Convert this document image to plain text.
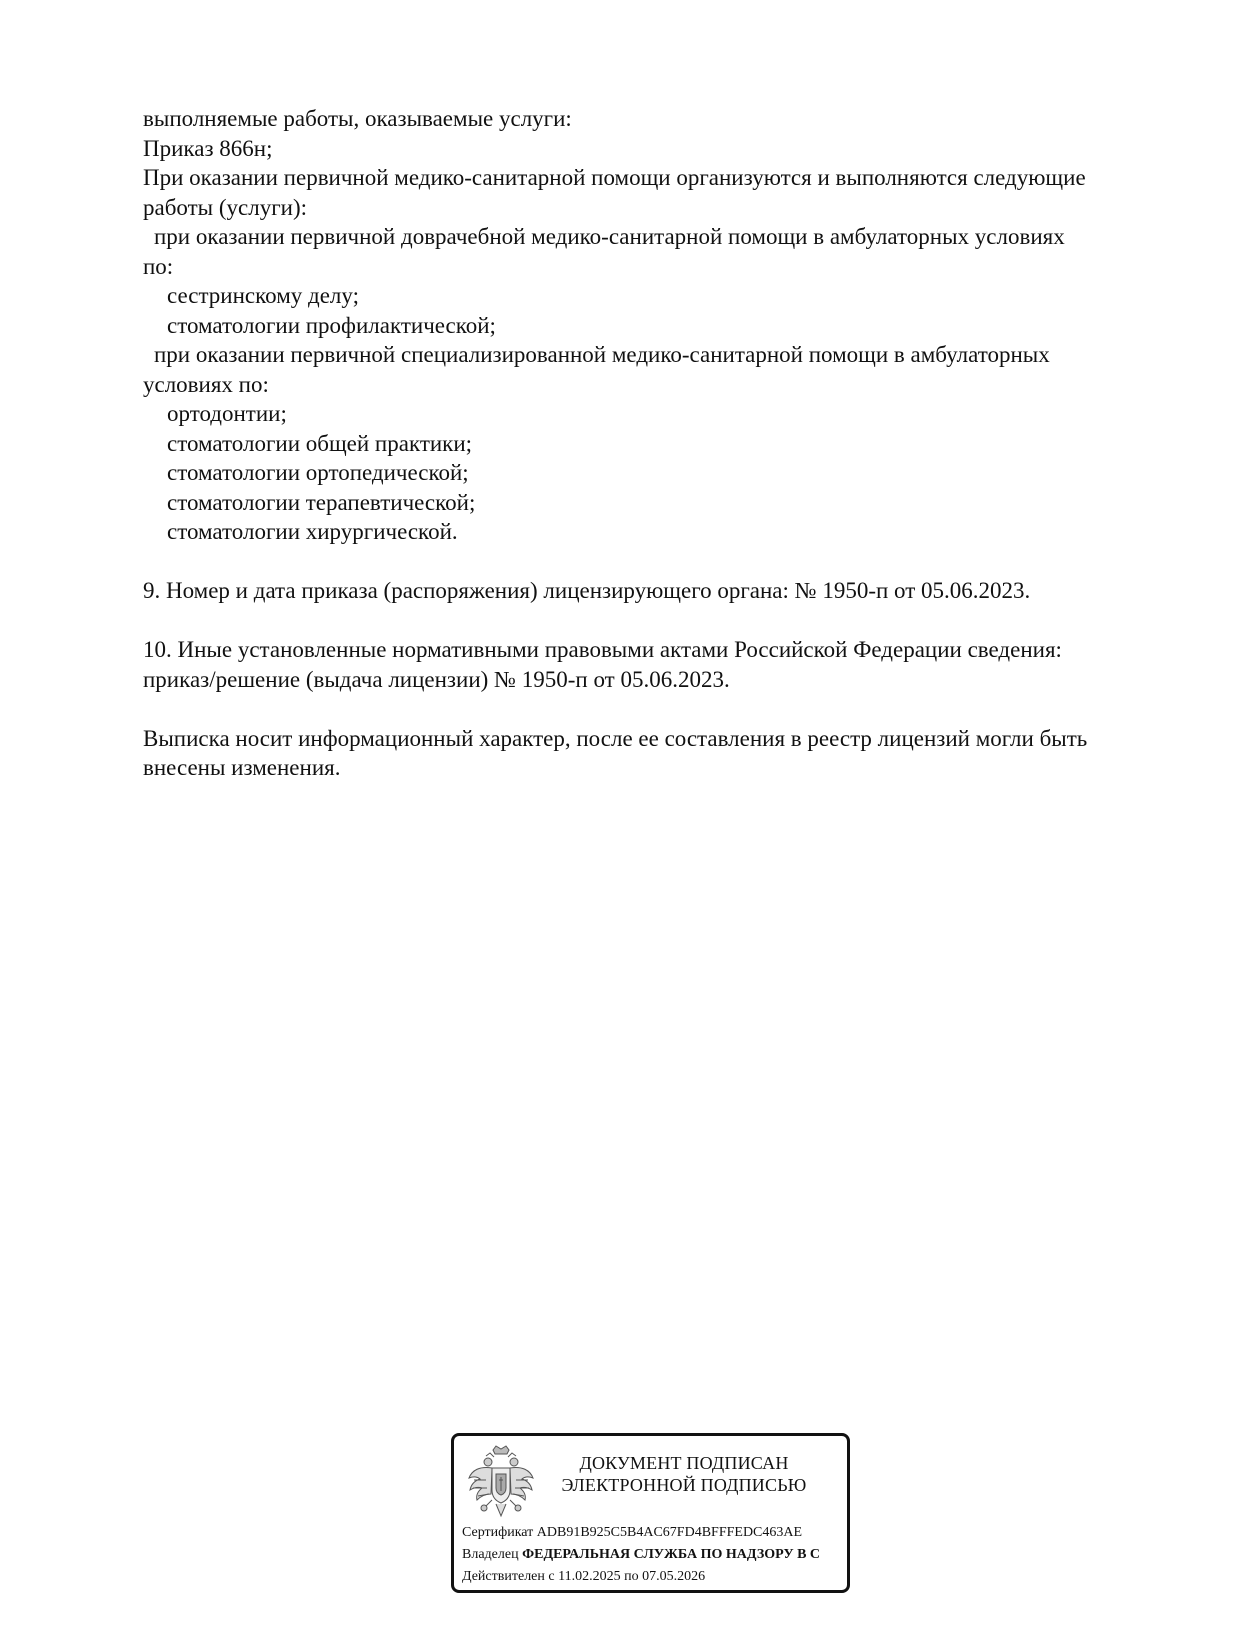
выполняемые работы, оказываемые услуги:
Приказ 866н;
При оказании первичной медико-санитарной помощи организуются и выполняются следующие
работы (услуги):
при оказании первичной доврачебной медико-санитарной помощи в амбулаторных условиях
по:
сестринскому делу;
стоматологии профилактической;
при оказании первичной специализированной медико-санитарной помощи в амбулаторных
условиях по:
ортодонтии;
стоматологии общей практики;
стоматологии ортопедической;
стоматологии терапевтической;
стоматологии хирургической.
9. Номер и дата приказа (распоряжения) лицензирующего органа: № 1950-п от 05.06.2023.
10. Иные установленные нормативными правовыми актами Российской Федерации сведения:
приказ/решение (выдача лицензии) № 1950-п от 05.06.2023.
Выписка носит информационный характер, после ее составления в реестр лицензий могли быть
внесены изменения.
ДОКУМЕНТ ПОДПИСАН
ЭЛЕКТРОННОЙ ПОДПИСЬЮ
Сертификат ADB91B925C5B4AC67FD4BFFFEDC463AE
Владелец ФЕДЕРАЛЬНАЯ СЛУЖБА ПО НАДЗОРУ В С
Действителен с 11.02.2025 по 07.05.2026
